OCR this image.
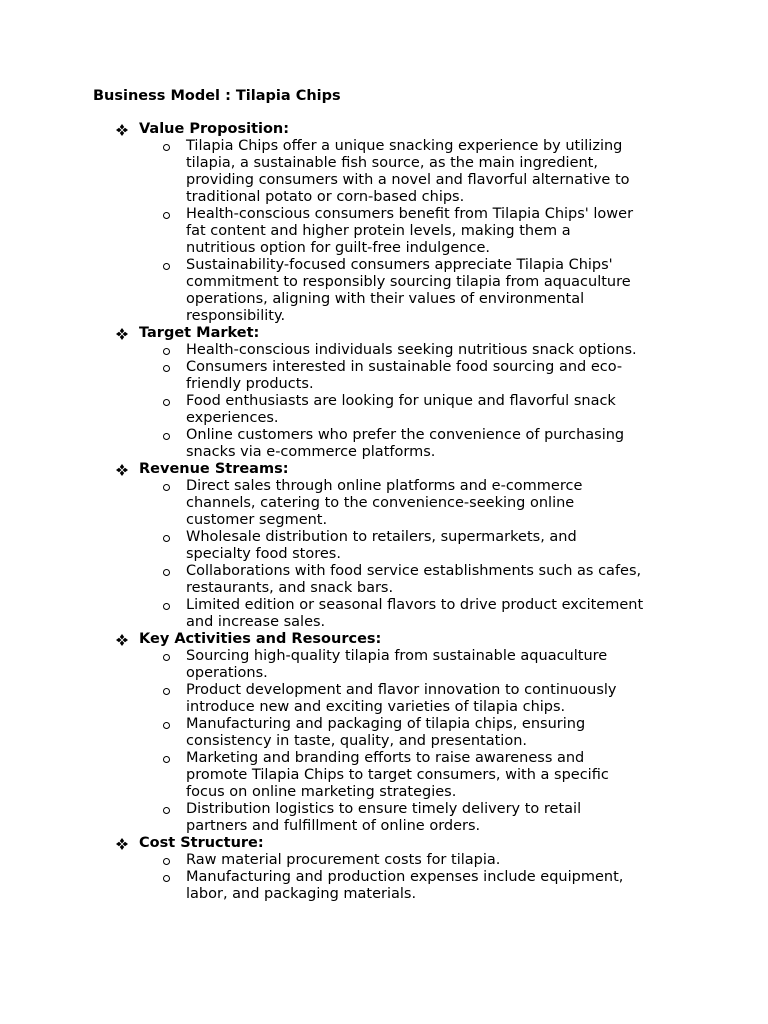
Business Model : Tilapia Chips
Value Proposition:
Tilapia Chips offer a unique snacking experience by utilizing
tilapia, a sustainable fish source, as the main ingredient,
providing consumers with a novel and flavorful alternative to
traditional potato or corn-based chips.
Health-conscious consumers benefit from Tilapia Chips' lower
fat content and higher protein levels, making them a
nutritious option for guilt-free indulgence.
Sustainability-focused consumers appreciate Tilapia Chips'
commitment to responsibly sourcing tilapia from aquaculture
operations, aligning with their values of environmental
responsibility.
Target Market:
Health-conscious individuals seeking nutritious snack options.
Consumers interested in sustainable food sourcing and eco-
friendly products.
Food enthusiasts are looking for unique and flavorful snack
experiences.
Online customers who prefer the convenience of purchasing
snacks via e-commerce platforms.
Revenue Streams:
Direct sales through online platforms and e-commerce
channels, catering to the convenience-seeking online
customer segment.
Wholesale distribution to retailers, supermarkets, and
specialty food stores.
Collaborations with food service establishments such as cafes,
restaurants, and snack bars.
Limited edition or seasonal flavors to drive product excitement
and increase sales.
Key Activities and Resources:
Sourcing high-quality tilapia from sustainable aquaculture
operations.
Product development and flavor innovation to continuously
introduce new and exciting varieties of tilapia chips.
Manufacturing and packaging of tilapia chips, ensuring
consistency in taste, quality, and presentation.
Marketing and branding efforts to raise awareness and
promote Tilapia Chips to target consumers, with a specific
focus on online marketing strategies.
Distribution logistics to ensure timely delivery to retail
partners and fulfillment of online orders.
Cost Structure:
Raw material procurement costs for tilapia.
Manufacturing and production expenses include equipment,
labor, and packaging materials.
